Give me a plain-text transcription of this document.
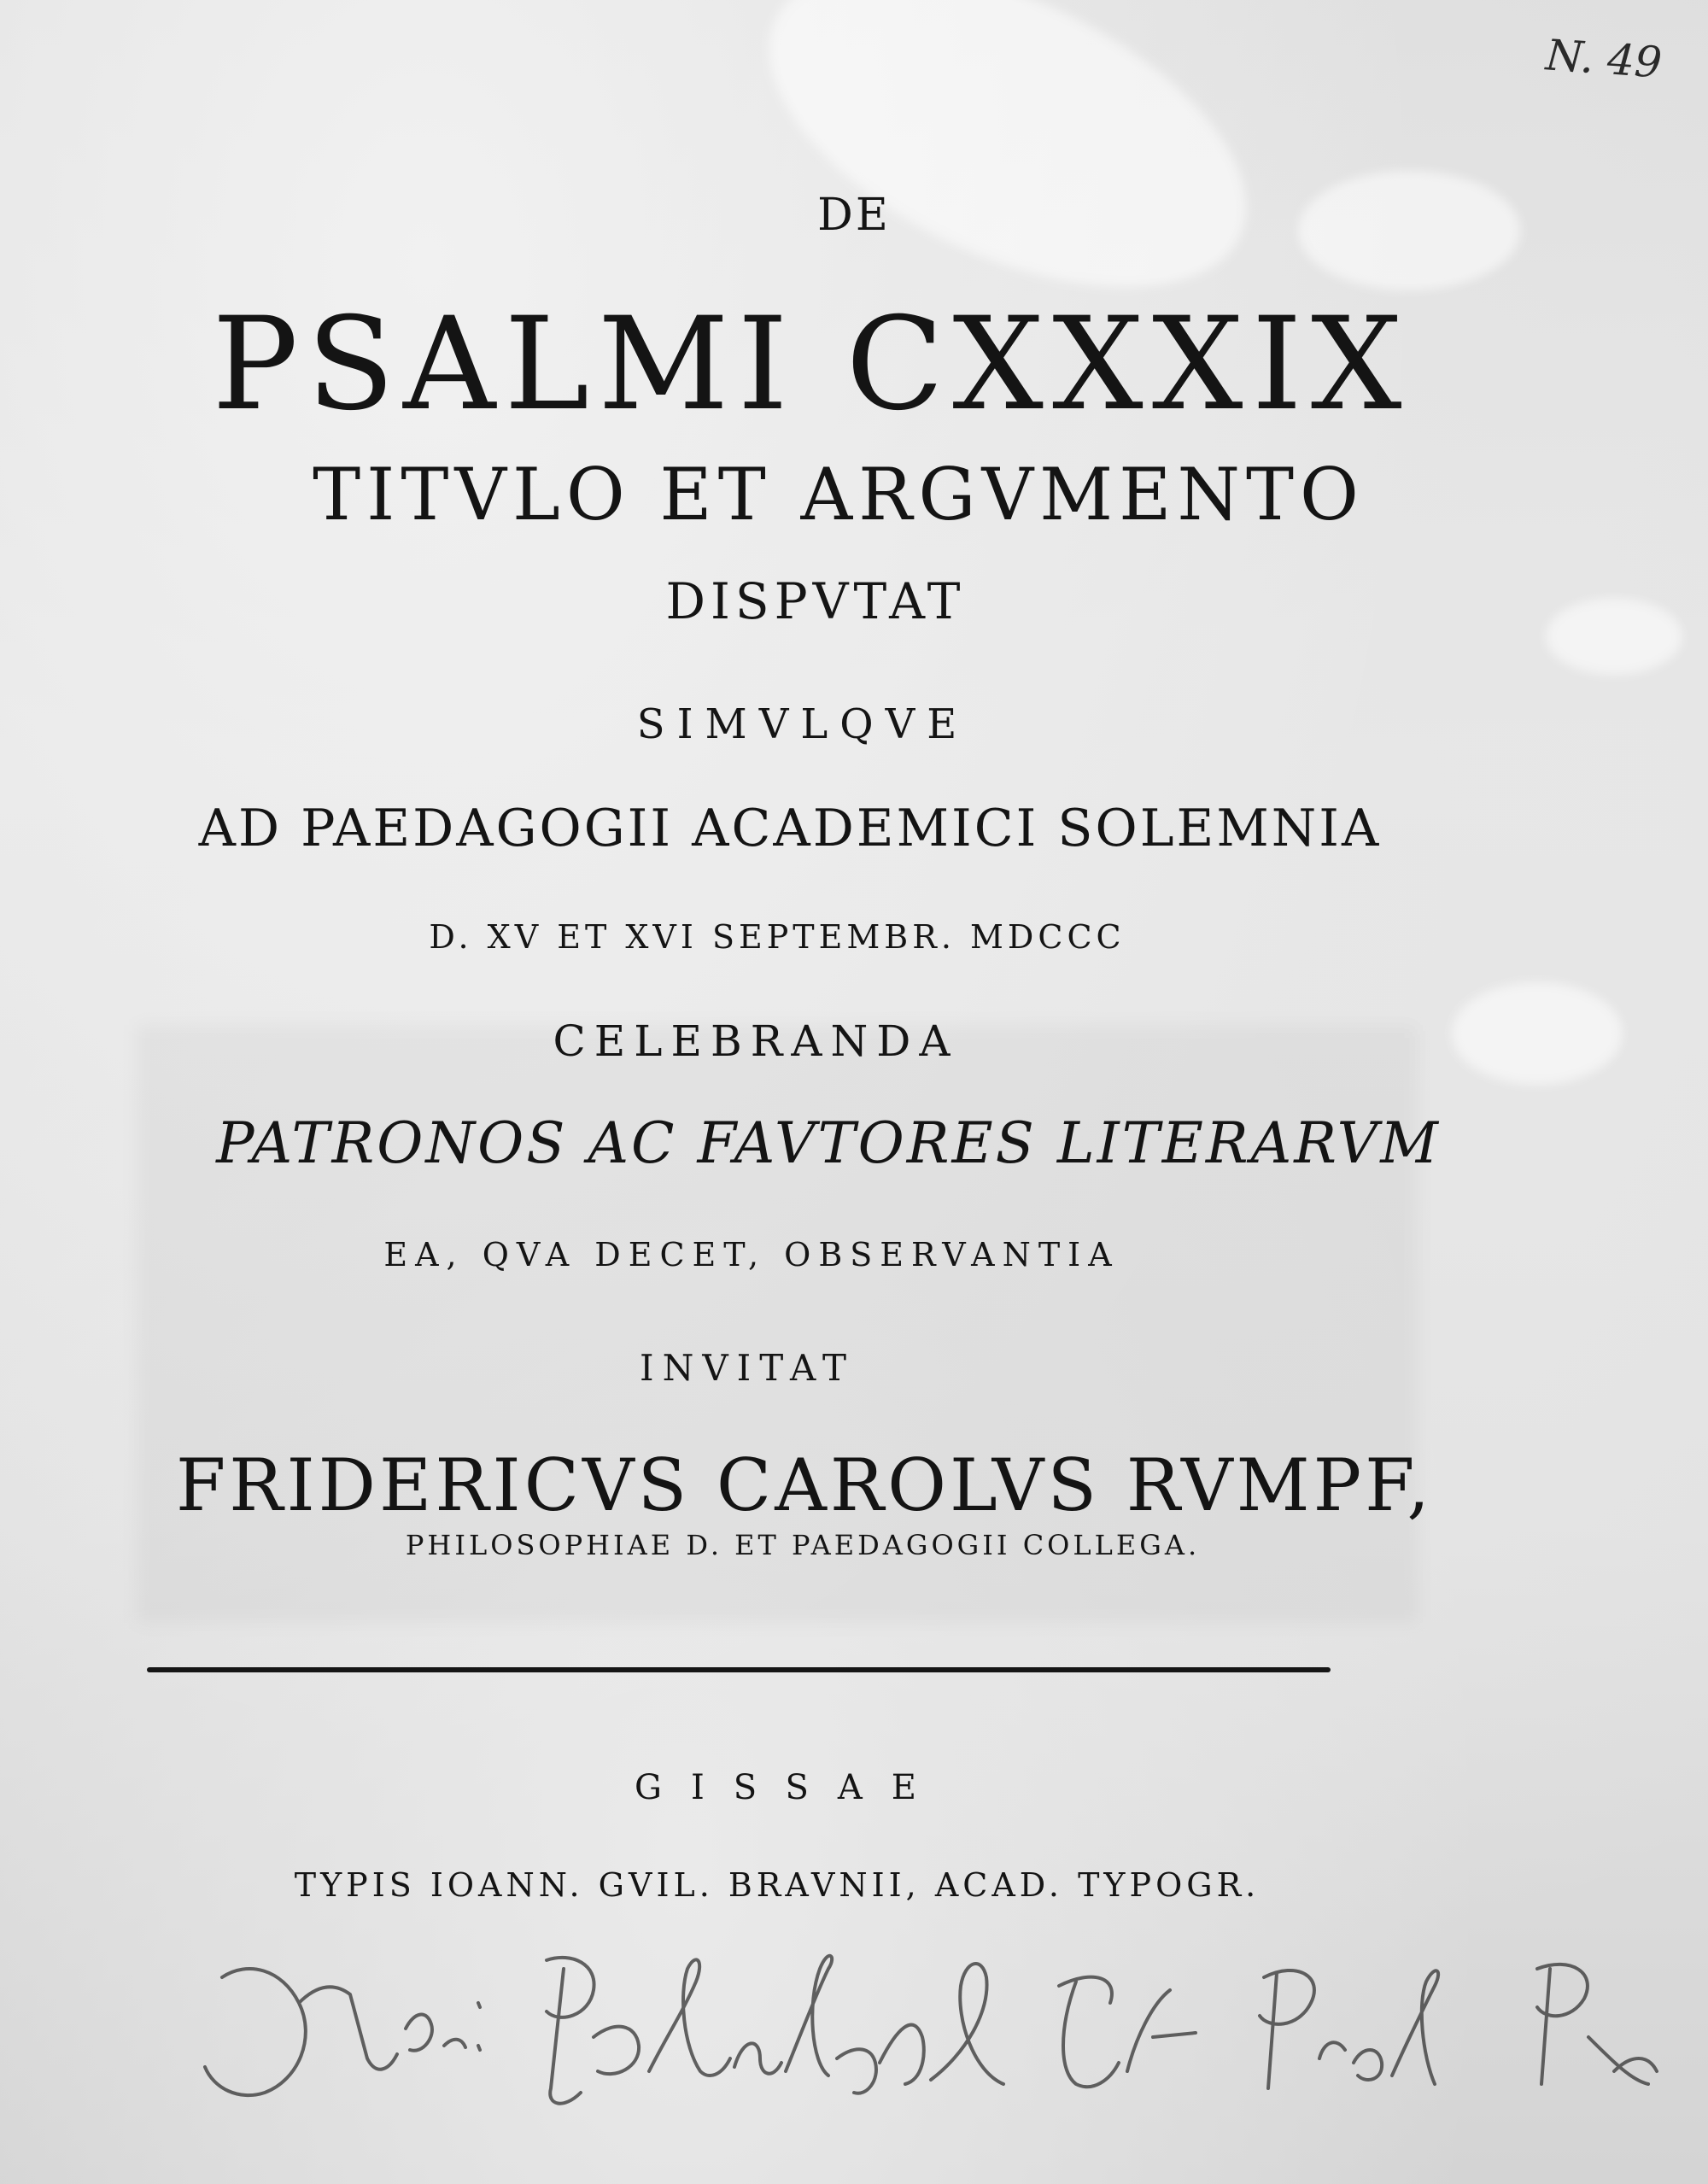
N. 49
DE
PSALMI CXXXIX
TITVLO ET ARGVMENTO
DISPVTAT
SIMVLQVE
AD PAEDAGOGII ACADEMICI SOLEMNIA
D. XV ET XVI SEPTEMBR. MDCCC
CELEBRANDA
PATRONOS AC FAVTORES LITERARVM
EA, QVA DECET, OBSERVANTIA
INVITAT
FRIDERICVS CAROLVS RVMPF,
PHILOSOPHIAE D. ET PAEDAGOGII COLLEGA.
GISSAE
TYPIS IOANN. GVIL. BRAVNII, ACAD. TYPOGR.
